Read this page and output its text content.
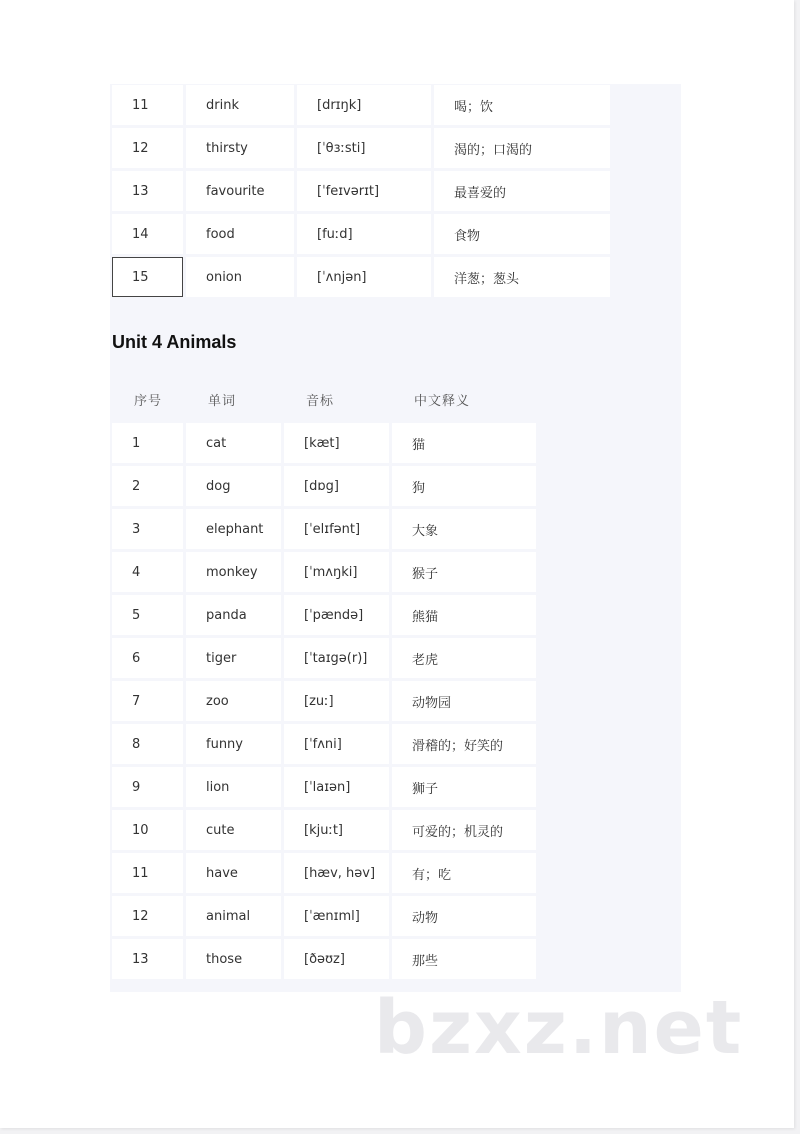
11	drink	[drɪŋk]	喝；饮
12	thirsty	[ˈθɜːsti]	渴的；口渴的
13	favourite	[ˈfeɪvərɪt]	最喜爱的
14	food	[fuːd]	食物
15	onion	[ˈʌnjən]	洋葱；葱头
Unit 4 Animals
序号	单词	音标	中文释义
1	cat	[kæt]	猫
2	dog	[dɒg]	狗
3	elephant	[ˈelɪfənt]	大象
4	monkey	[ˈmʌŋki]	猴子
5	panda	[ˈpændə]	熊猫
6	tiger	[ˈtaɪgə(r)]	老虎
7	zoo	[zuː]	动物园
8	funny	[ˈfʌni]	滑稽的；好笑的
9	lion	[ˈlaɪən]	狮子
10	cute	[kjuːt]	可爱的；机灵的
11	have	[hæv, həv]	有；吃
12	animal	[ˈænɪml]	动物
13	those	[ðəʊz]	那些
bzxz.net
